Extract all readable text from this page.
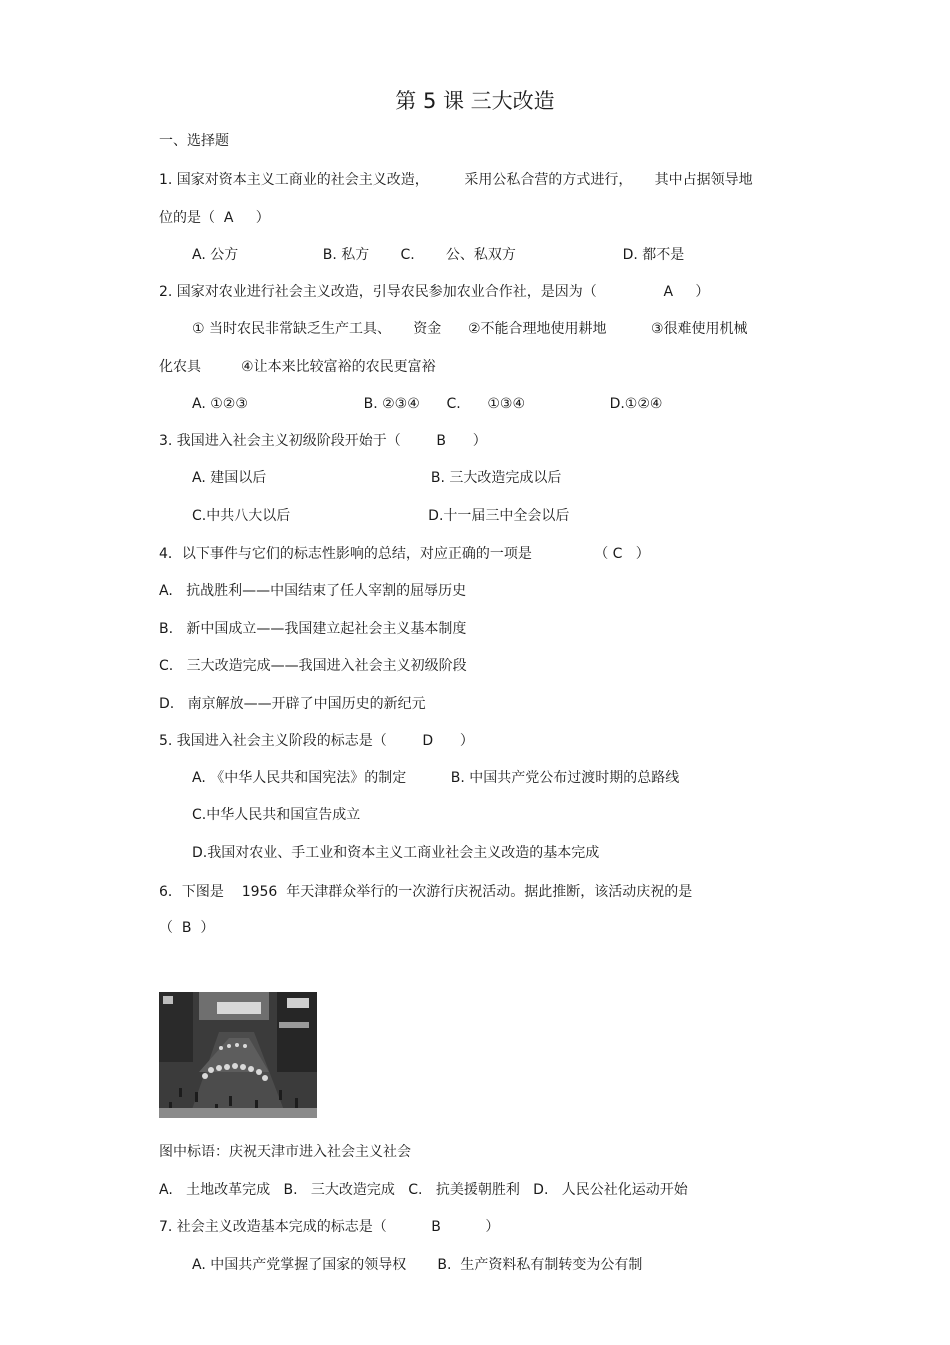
第 5 课 三大改造
一、选择题
1. 国家对资本主义工商业的社会主义改造，        采用公私合营的方式进行，     其中占据领导地
位的是（  A     ）
A. 公方                   B. 私方       C.       公、私双方                        D. 都不是
2. 国家对农业进行社会主义改造，引导农民参加农业合作社，是因为（               A     ）
① 当时农民非常缺乏生产工具、     资金      ②不能合理地使用耕地          ③很难使用机械
化农具         ④让本来比较富裕的农民更富裕
A. ①②③                          B. ②③④      C.      ①③④                   D.①②④
3. 我国进入社会主义初级阶段开始于（        B      ）
A. 建国以后                                     B. 三大改造完成以后
C.中共八大以后                               D.十一届三中全会以后
4．以下事件与它们的标志性影响的总结，对应正确的一项是              （ C   ）
A.   抗战胜利——中国结束了任人宰割的屈辱历史
B.   新中国成立——我国建立起社会主义基本制度
C.   三大改造完成——我国进入社会主义初级阶段
D.   南京解放——开辟了中国历史的新纪元
5. 我国进入社会主义阶段的标志是（        D      ）
A. 《中华人民共和国宪法》的制定          B. 中国共产党公布过渡时期的总路线
C.中华人民共和国宣告成立
D.我国对农业、手工业和资本主义工商业社会主义改造的基本完成
6．下图是    1956  年天津群众举行的一次游行庆祝活动。据此推断，该活动庆祝的是
（  B  ）
图中标语：庆祝天津市进入社会主义社会
A.   土地改革完成   B.   三大改造完成   C.   抗美援朝胜利   D.   人民公社化运动开始
7. 社会主义改造基本完成的标志是（          B          ）
A. 中国共产党掌握了国家的领导权       B.  生产资料私有制转变为公有制
